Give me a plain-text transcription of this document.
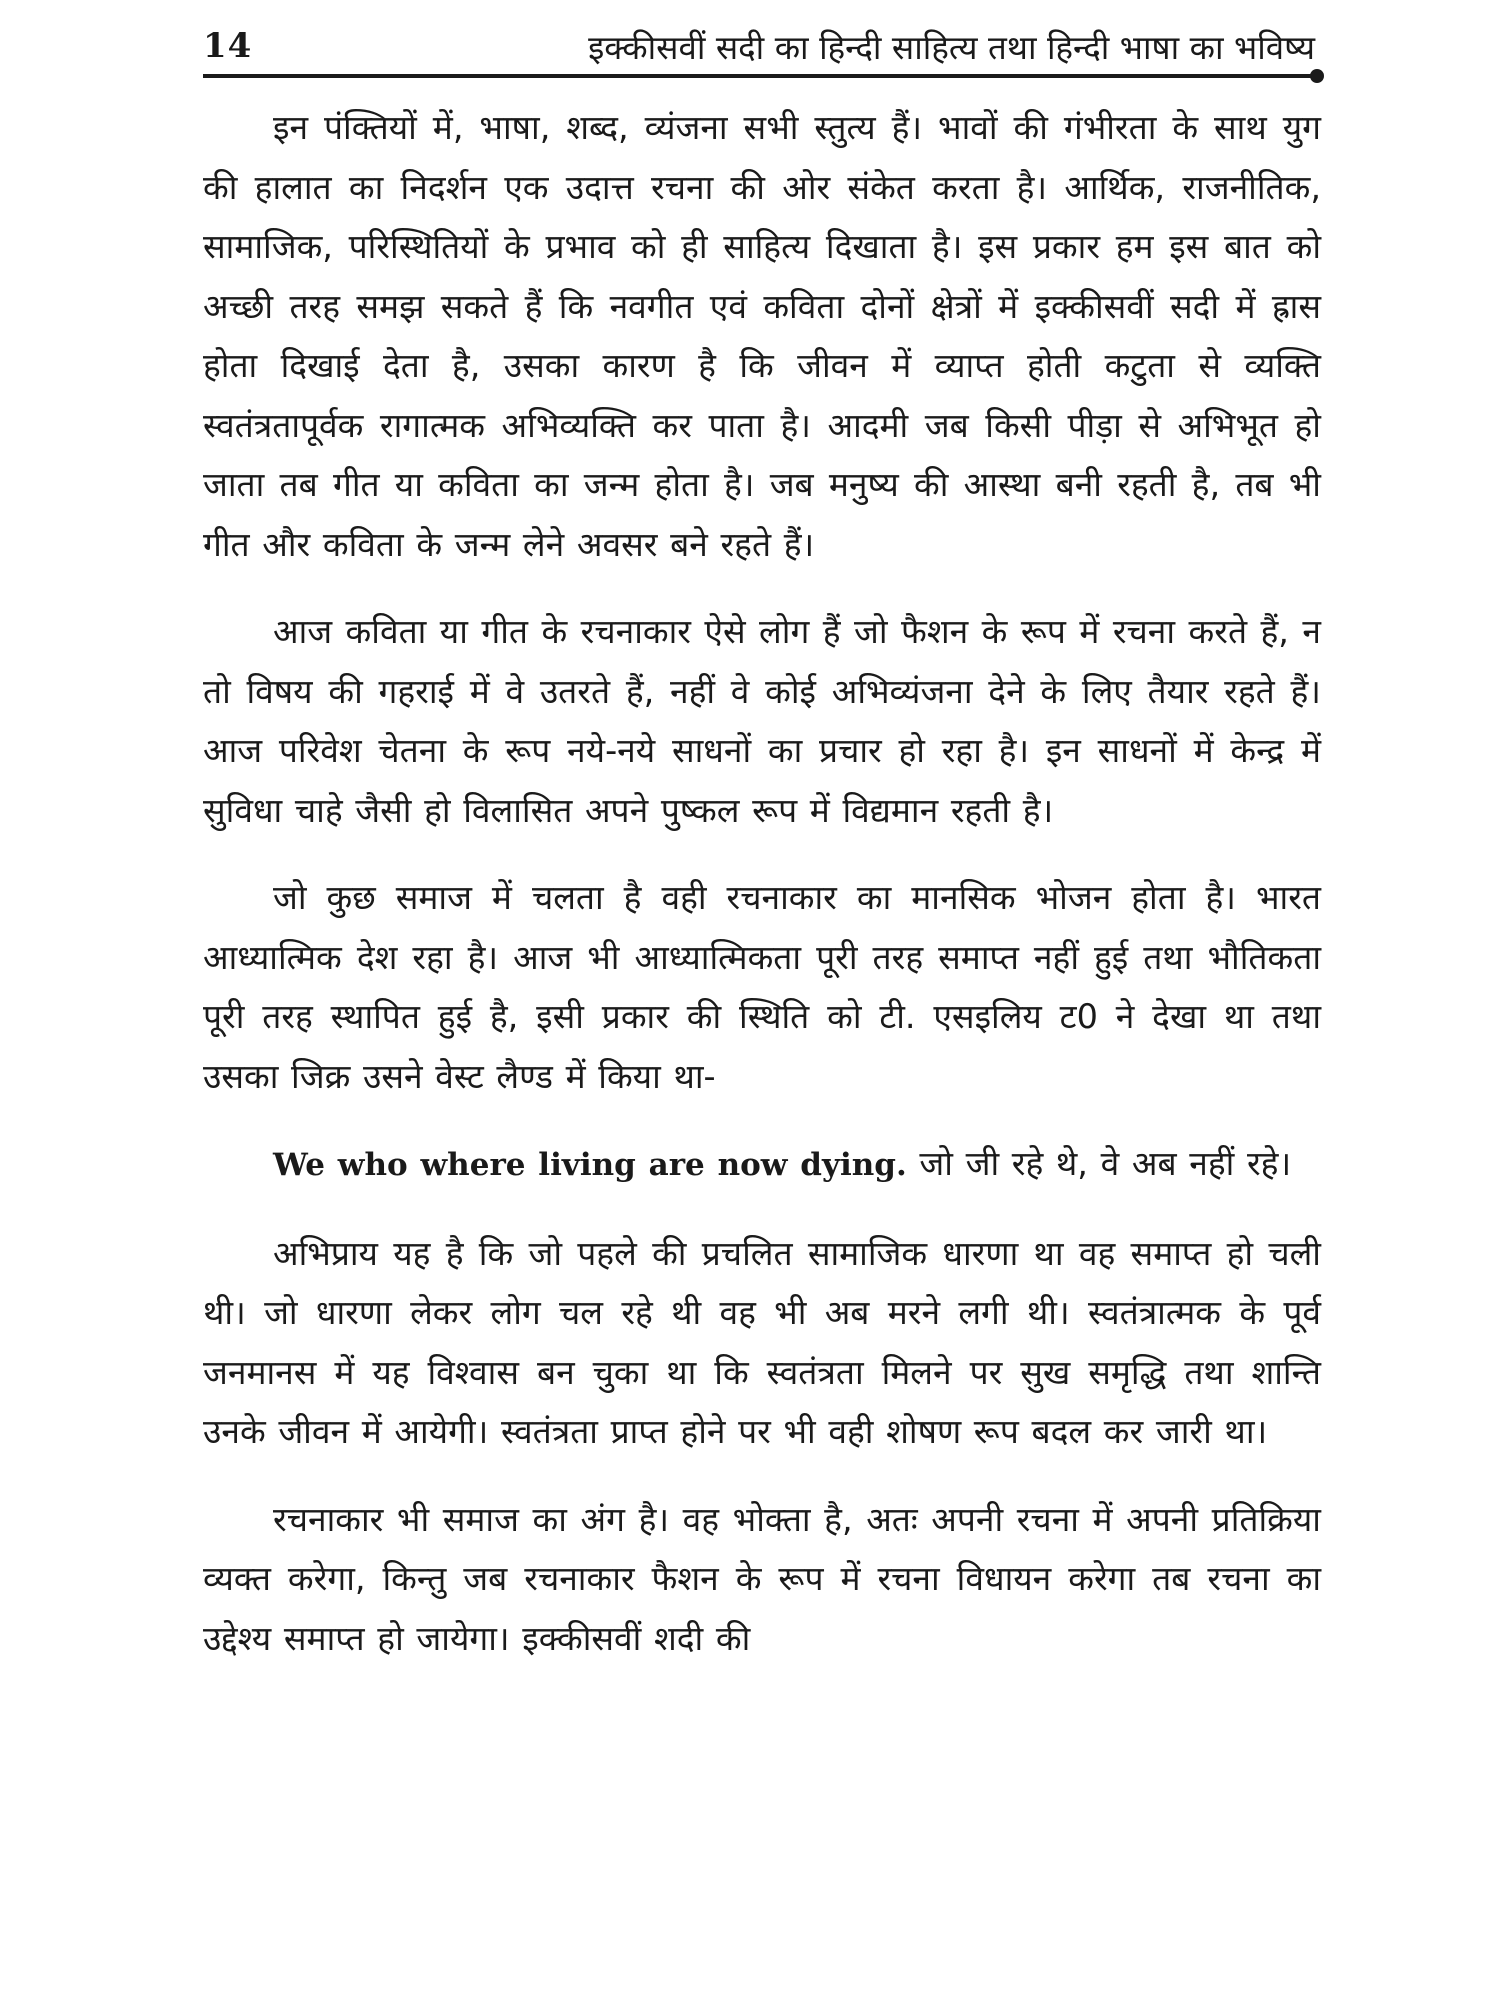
14	इक्कीसवीं सदी का हिन्दी साहित्य तथा हिन्दी भाषा का भविष्य

इन पंक्तियों में, भाषा, शब्द, व्यंजना सभी स्तुत्य हैं। भावों की गंभीरता के साथ युग की हालात का निदर्शन एक उदात्त रचना की ओर संकेत करता है। आर्थिक, राजनीतिक, सामाजिक, परिस्थितियों के प्रभाव को ही साहित्य दिखाता है। इस प्रकार हम इस बात को अच्छी तरह समझ सकते हैं कि नवगीत एवं कविता दोनों क्षेत्रों में इक्कीसवीं सदी में ह्रास होता दिखाई देता है, उसका कारण है कि जीवन में व्याप्त होती कटुता से व्यक्ति स्वतंत्रतापूर्वक रागात्मक अभिव्यक्ति कर पाता है। आदमी जब किसी पीड़ा से अभिभूत हो जाता तब गीत या कविता का जन्म होता है। जब मनुष्य की आस्था बनी रहती है, तब भी गीत और कविता के जन्म लेने अवसर बने रहते हैं।

आज कविता या गीत के रचनाकार ऐसे लोग हैं जो फैशन के रूप में रचना करते हैं, न तो विषय की गहराई में वे उतरते हैं, नहीं वे कोई अभिव्यंजना देने के लिए तैयार रहते हैं। आज परिवेश चेतना के रूप नये-नये साधनों का प्रचार हो रहा है। इन साधनों में केन्द्र में सुविधा चाहे जैसी हो विलासित अपने पुष्कल रूप में विद्यमान रहती है।

जो कुछ समाज में चलता है वही रचनाकार का मानसिक भोजन होता है। भारत आध्यात्मिक देश रहा है। आज भी आध्यात्मिकता पूरी तरह समाप्त नहीं हुई तथा भौतिकता पूरी तरह स्थापित हुई है, इसी प्रकार की स्थिति को टी. एसइलिय ट0 ने देखा था तथा उसका जिक्र उसने वेस्ट लैण्ड में किया था-

We who where living are now dying. जो जी रहे थे, वे अब नहीं रहे।

अभिप्राय यह है कि जो पहले की प्रचलित सामाजिक धारणा था वह समाप्त हो चली थी। जो धारणा लेकर लोग चल रहे थी वह भी अब मरने लगी थी। स्वतंत्रात्मक के पूर्व जनमानस में यह विश्वास बन चुका था कि स्वतंत्रता मिलने पर सुख समृद्धि तथा शान्ति उनके जीवन में आयेगी। स्वतंत्रता प्राप्त होने पर भी वही शोषण रूप बदल कर जारी था।

रचनाकार भी समाज का अंग है। वह भोक्ता है, अतः अपनी रचना में अपनी प्रतिक्रिया व्यक्त करेगा, किन्तु जब रचनाकार फैशन के रूप में रचना विधायन करेगा तब रचना का उद्देश्य समाप्त हो जायेगा। इक्कीसवीं शदी की
